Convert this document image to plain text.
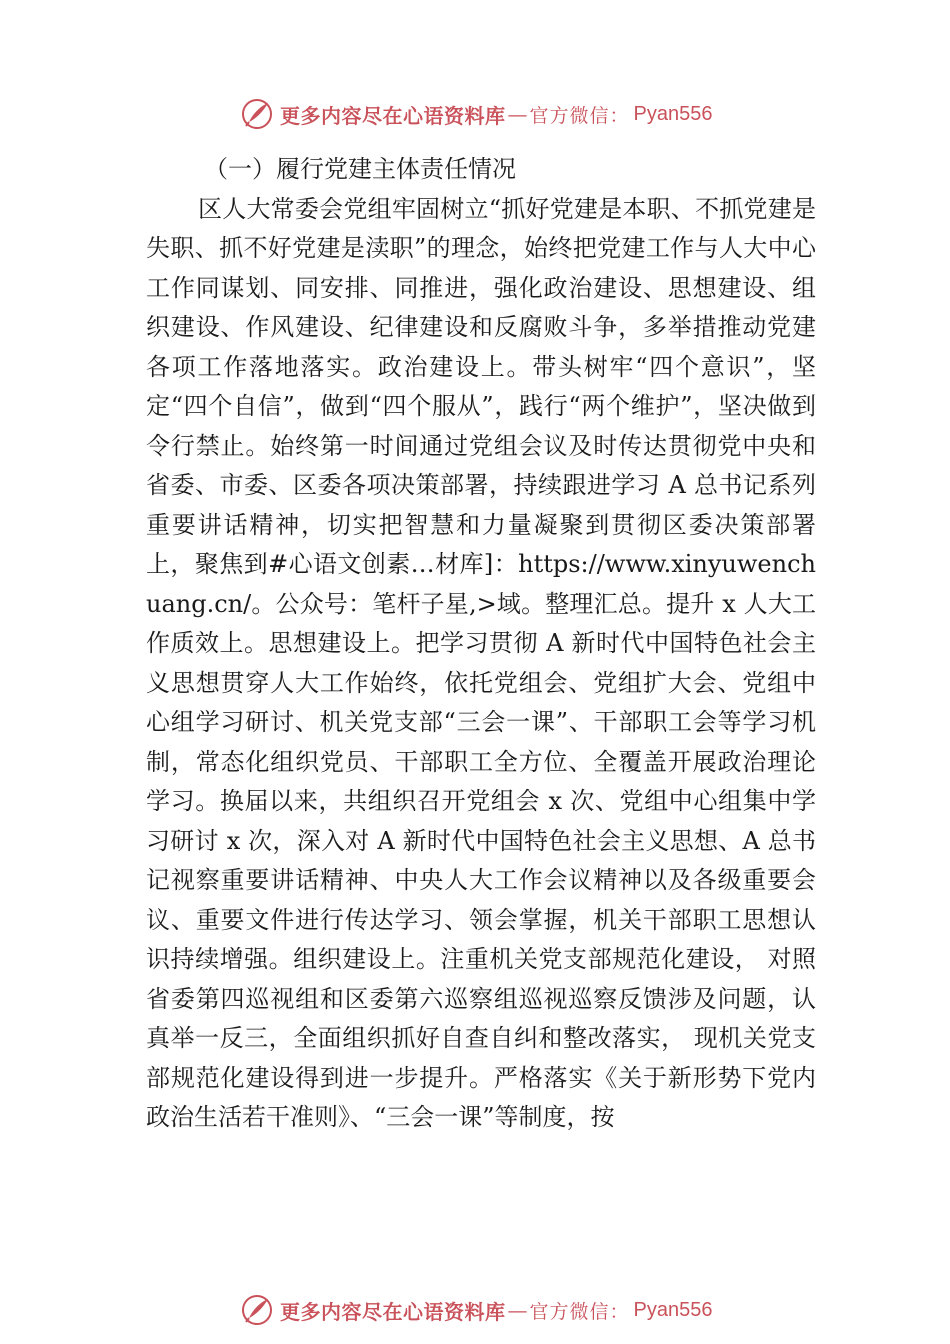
更多内容尽在心语资料库 — 官方微信： Pyan556
（一）履行党建主体责任情况

区人大常委会党组牢固树立“抓好党建是本职、不抓党建是失职、抓不好党建是渎职”的理念，始终把党建工作与人大中心工作同谋划、同安排、同推进，强化政治建设、思想建设、组织建设、作风建设、纪律建设和反腐败斗争，多举措推动党建各项工作落地落实。政治建设上。带头树牢“四个意识”，坚定“四个自信”，做到“四个服从”，践行“两个维护”，坚决做到令行禁止。始终第一时间通过党组会议及时传达贯彻党中央和省委、市委、区委各项决策部署，持续跟进学习 A 总书记系列重要讲话精神，切实把智慧和力量凝聚到贯彻区委决策部署上，聚焦到#心语文创素…材库]：https://www.xinyuwenchuang.cn/。公众号：笔杆子星,>域。整理汇总。提升 x 人大工作质效上。思想建设上。把学习贯彻 A 新时代中国特色社会主义思想贯穿人大工作始终，依托党组会、党组扩大会、党组中心组学习研讨、机关党支部“三会一课”、干部职工会等学习机制，常态化组织党员、干部职工全方位、全覆盖开展政治理论学习。换届以来，共组织召开党组会 x 次、党组中心组集中学习研讨 x 次，深入对 A 新时代中国特色社会主义思想、A 总书记视察重要讲话精神、中央人大工作会议精神以及各级重要会议、重要文件进行传达学习、领会掌握，机关干部职工思想认识持续增强。组织建设上。注重机关党支部规范化建设， 对照省委第四巡视组和区委第六巡察组巡视巡察反馈涉及问题，认真举一反三，全面组织抓好自查自纠和整改落实， 现机关党支部规范化建设得到进一步提升。严格落实《关于新形势下党内政治生活若干准则》、“三会一课”等制度，按

更多内容尽在心语资料库 — 官方微信： Pyan556
